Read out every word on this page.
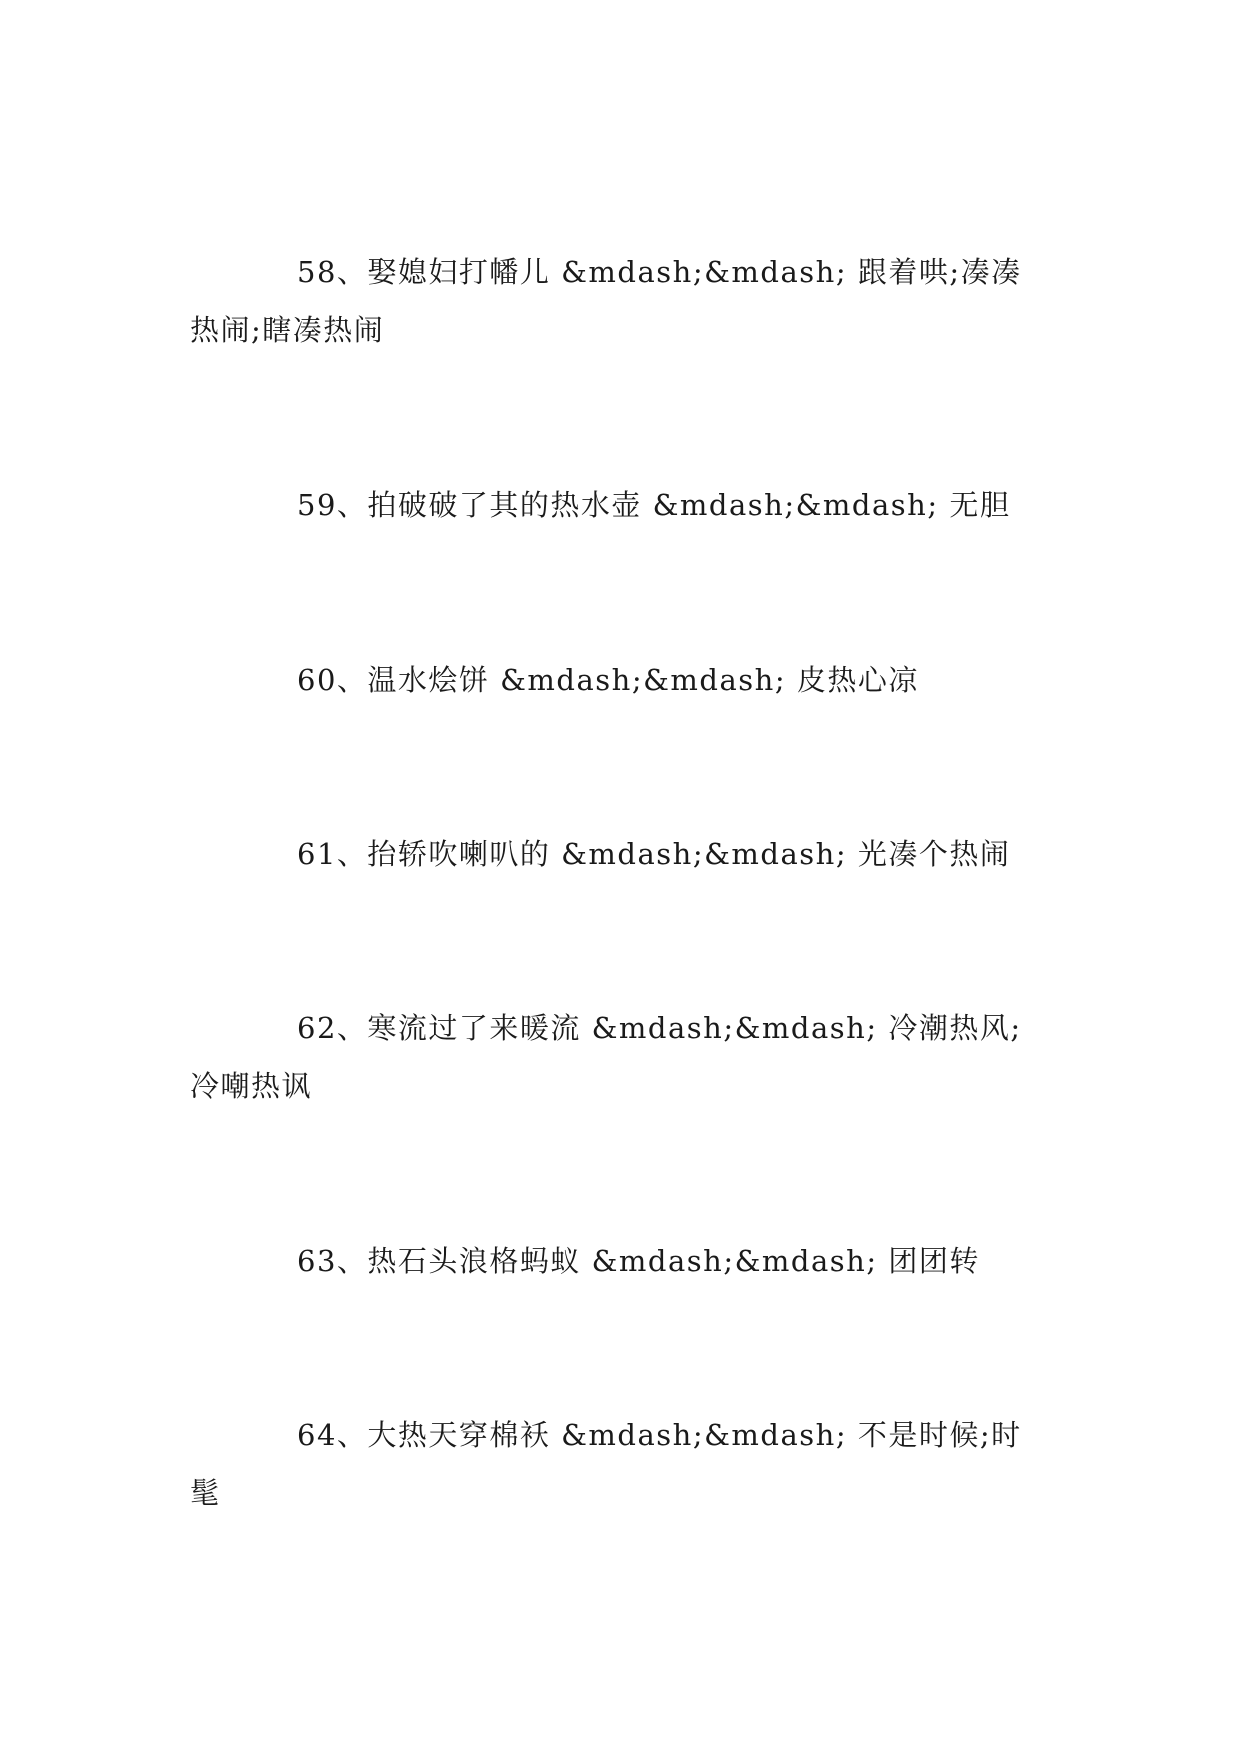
58、娶媳妇打幡儿 &mdash;&mdash; 跟着哄;凑凑热闹;瞎凑热闹

59、拍破破了其的热水壶 &mdash;&mdash; 无胆

60、温水烩饼 &mdash;&mdash; 皮热心凉

61、抬轿吹喇叭的 &mdash;&mdash; 光凑个热闹

62、寒流过了来暖流 &mdash;&mdash; 冷潮热风;冷嘲热讽

63、热石头浪格蚂蚁 &mdash;&mdash; 团团转

64、大热天穿棉袄 &mdash;&mdash; 不是时候;时髦
